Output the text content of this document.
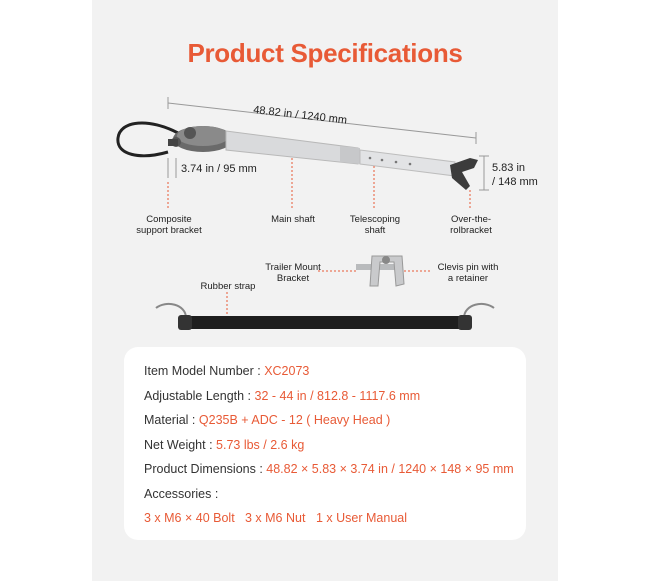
Product Specifications
48.82 in / 1240 mm
5.83 in
/ 148 mm
3.74 in / 95 mm
Composite
support bracket
Main shaft	Telescoping
shaft
Over-the-
rolbracket
Trailer Mount
Bracket
Clevis pin with
a retainer
Rubber strap
Item Model Number : XC2073
Adjustable Length : 32 - 44 in / 812.8 - 1117.6 mm
Material : Q235B + ADC - 12 ( Heavy Head )
Net Weight : 5.73 lbs / 2.6 kg
Product Dimensions : 48.82 × 5.83 × 3.74 in / 1240 × 148 × 95 mm
Accessories :
3 x M6 × 40 Bolt 3 x M6 Nut 1 x User Manual
